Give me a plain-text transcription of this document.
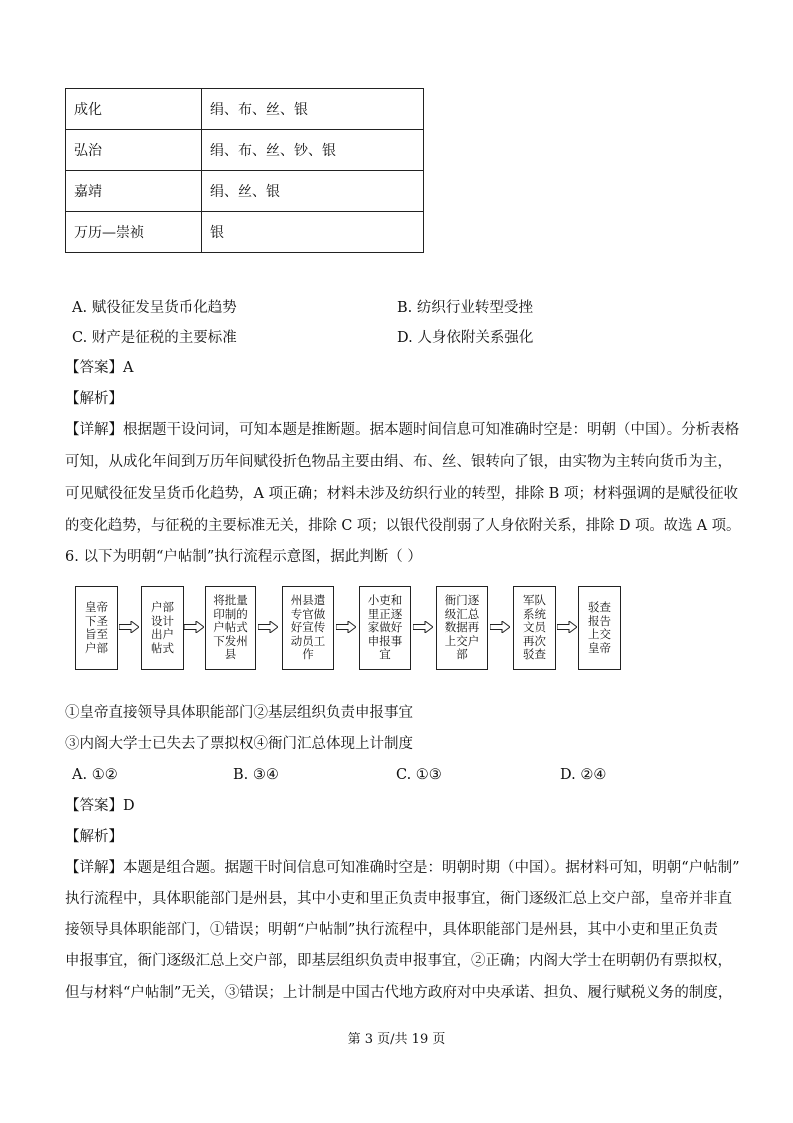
成化	绢、布、丝、银
弘治	绢、布、丝、钞、银
嘉靖	绢、丝、银
万历—崇祯	银
A. 赋役征发呈货币化趋势	B. 纺织行业转型受挫
C. 财产是征税的主要标准	D. 人身依附关系强化
【答案】A
【解析】
【详解】根据题干设问词，可知本题是推断题。据本题时间信息可知准确时空是：明朝（中国）。分析表格
可知，从成化年间到万历年间赋役折色物品主要由绢、布、丝、银转向了银，由实物为主转向货币为主，
可见赋役征发呈货币化趋势，A 项正确；材料未涉及纺织行业的转型，排除 B 项；材料强调的是赋役征收
的变化趋势，与征税的主要标准无关，排除 C 项；以银代役削弱了人身依附关系，排除 D 项。故选 A 项。
6. 以下为明朝“户帖制”执行流程示意图，据此判断（ ）
皇帝
下圣
旨至
户部
户部
设计
出户
帖式
将批量
印制的
户帖式
下发州
县
州县遣
专官做
好宣传
动员工
作
小吏和
里正逐
家做好
申报事
宜
衙门逐
级汇总
数据再
上交户
部
军队
系统
文员
再次
驳查
驳查
报告
上交
皇帝
①皇帝直接领导具体职能部门②基层组织负责申报事宜
③内阁大学士已失去了票拟权④衙门汇总体现上计制度
A. ①②	B. ③④	C. ①③	D. ②④
【答案】D
【解析】
【详解】本题是组合题。据题干时间信息可知准确时空是：明朝时期（中国）。据材料可知，明朝“户帖制”
执行流程中，具体职能部门是州县，其中小吏和里正负责申报事宜，衙门逐级汇总上交户部，皇帝并非直
接领导具体职能部门，①错误；明朝“户帖制”执行流程中，具体职能部门是州县，其中小吏和里正负责
申报事宜，衙门逐级汇总上交户部，即基层组织负责申报事宜，②正确；内阁大学士在明朝仍有票拟权，
但与材料“户帖制”无关，③错误；上计制是中国古代地方政府对中央承诺、担负、履行赋税义务的制度，
第 3 页/共 19 页
